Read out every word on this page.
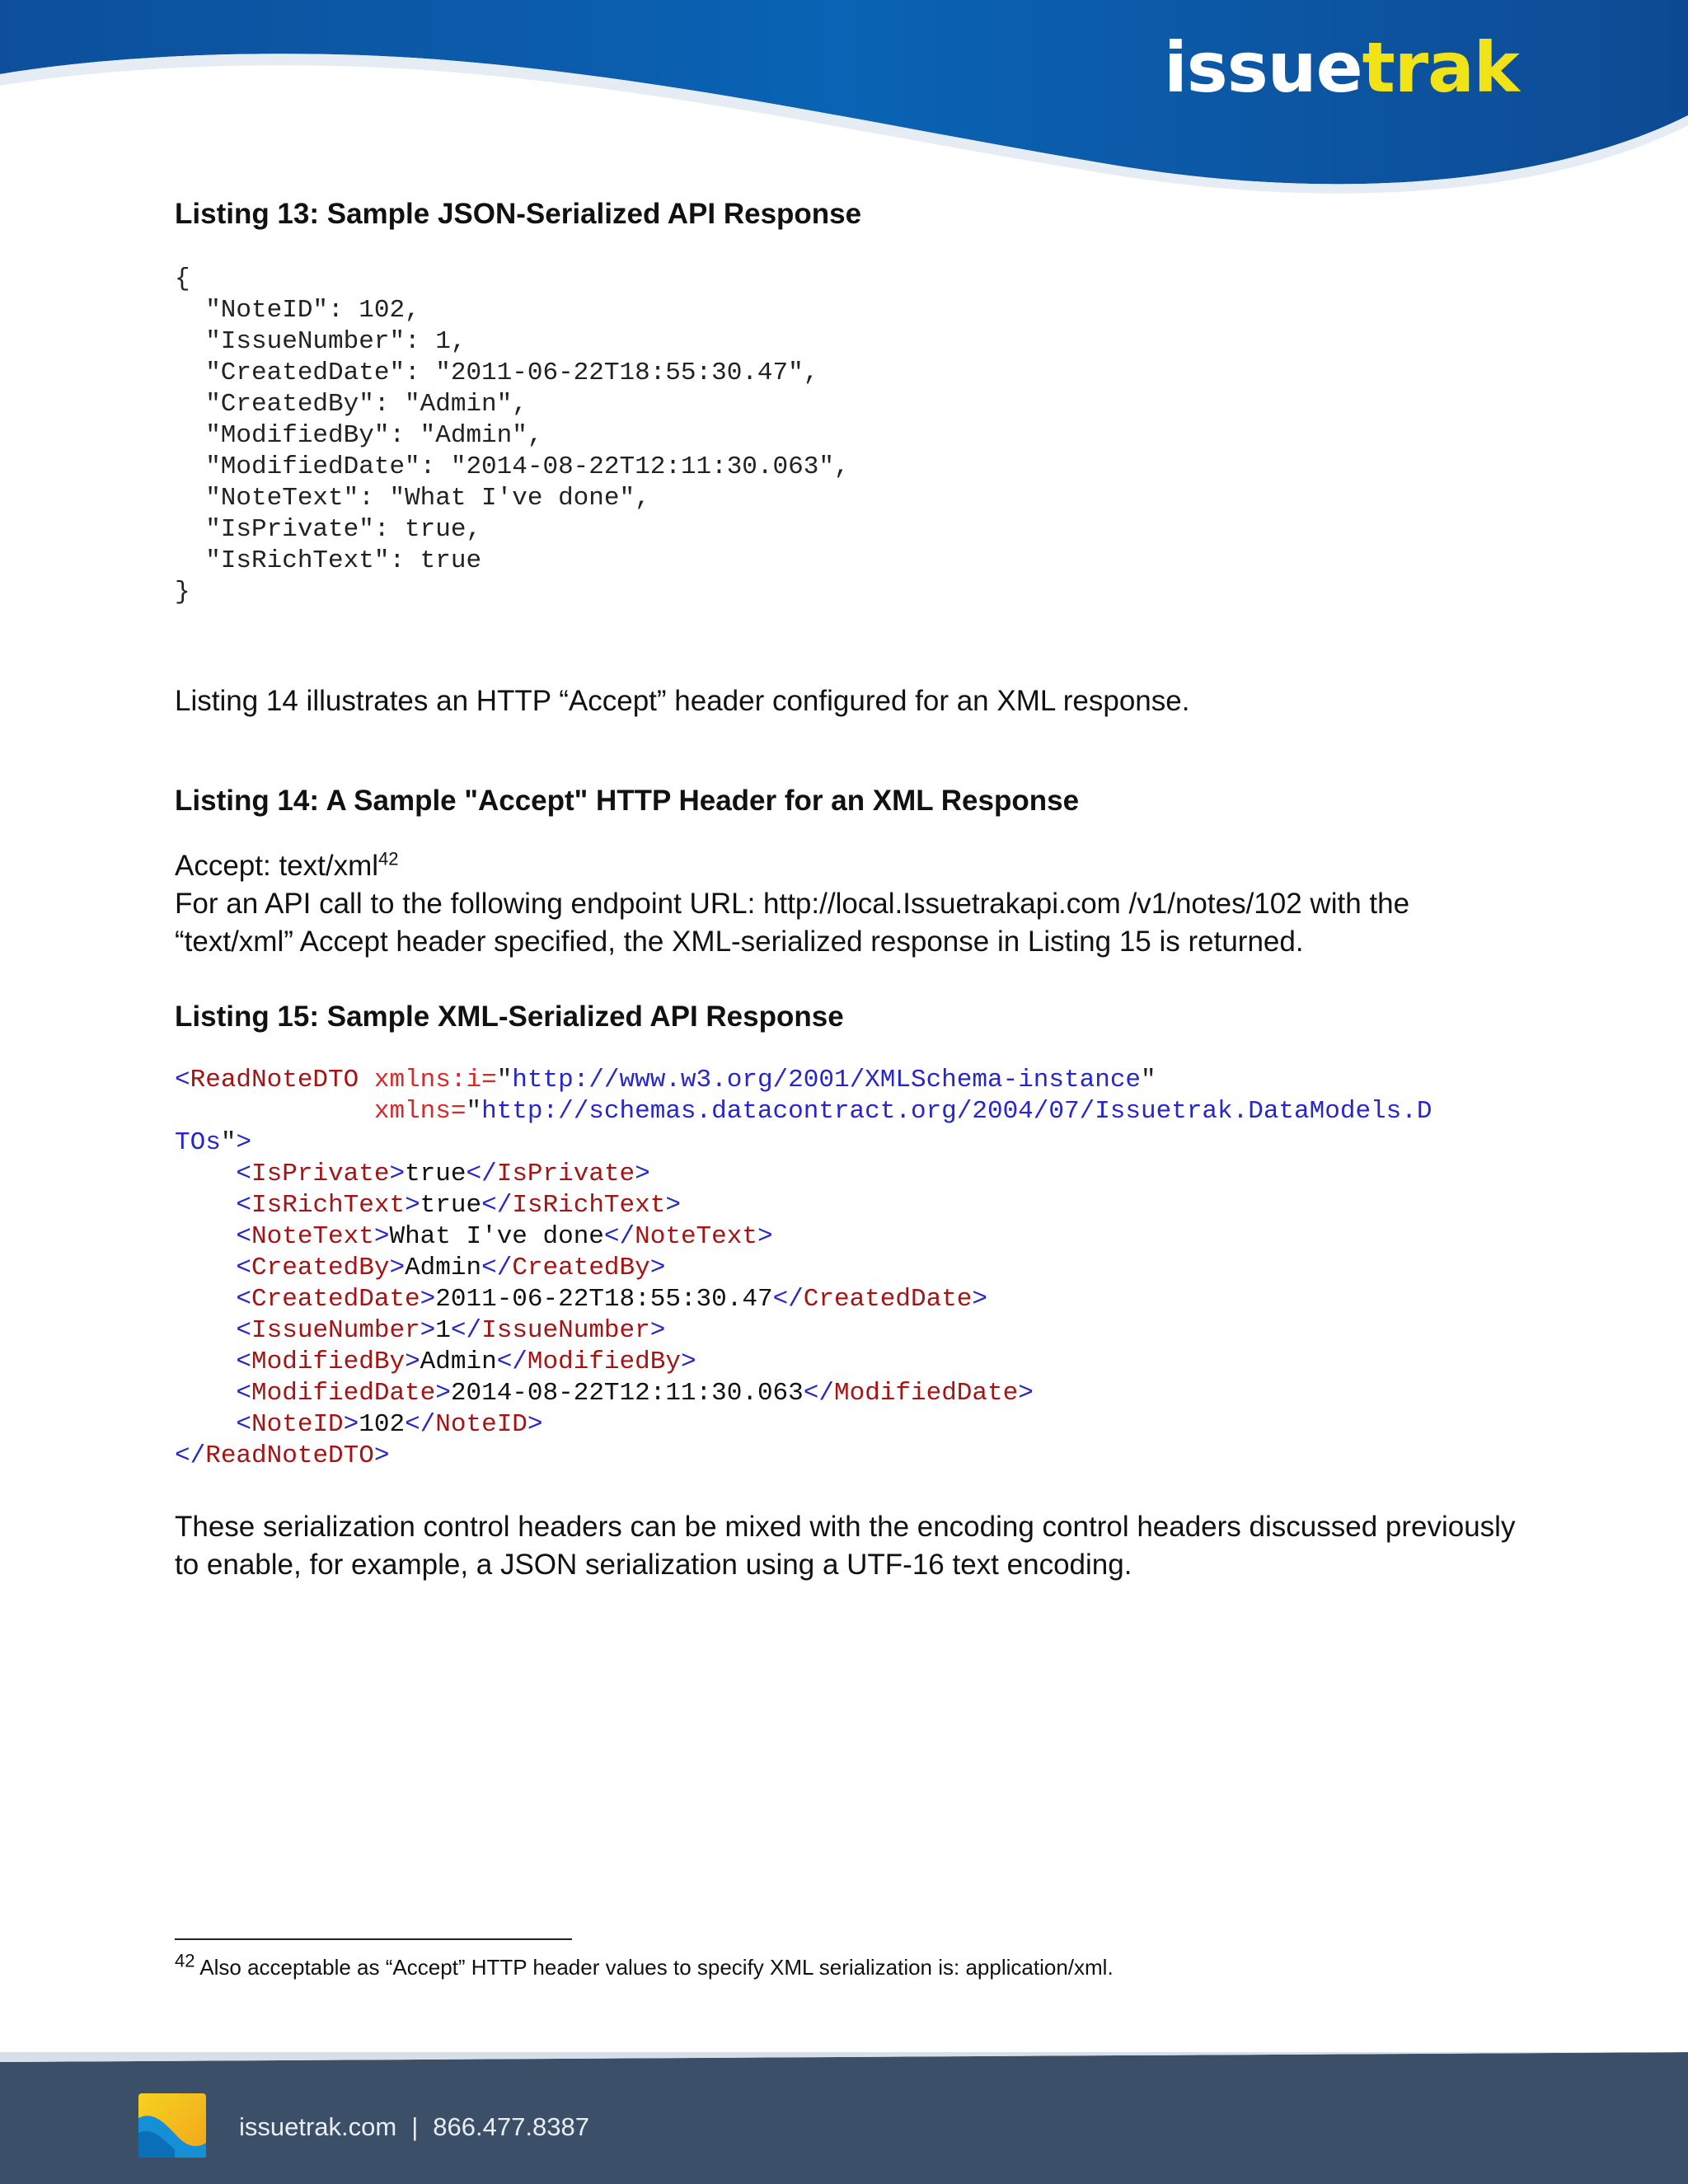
issuetrak
Listing 13: Sample JSON-Serialized API Response
{
"NoteID": 102,
"IssueNumber": 1,
"CreatedDate": "2011-06-22T18:55:30.47",
"CreatedBy": "Admin",
"ModifiedBy": "Admin",
"ModifiedDate": "2014-08-22T12:11:30.063",
"NoteText": "What I've done",
"IsPrivate": true,
"IsRichText": true
}

Listing 14 illustrates an HTTP “Accept” header configured for an XML response.

Listing 14: A Sample "Accept" HTTP Header for an XML Response

Accept: text/xml$^{42}$

For an API call to the following endpoint URL: http://local.Issuetrakapi.com /v1/notes/102 with the

“text/xml” Accept header specified, the XML-serialized response in Listing 15 is returned.

Listing 15: Sample XML-Serialized API Response
<ReadNoteDTO xmlns:i="http://www.w3.org/2001/XMLSchema-instance"
xmlns="http://schemas.datacontract.org/2004/07/Issuetrak.DataModels.D
TOs">
<IsPrivate>true</IsPrivate>
<IsRichText>true</IsRichText>
<NoteText>What I've done</NoteText>
<CreatedBy>Admin</CreatedBy>
<CreatedDate>2011-06-22T18:55:30.47</CreatedDate>
<IssueNumber>1</IssueNumber>
<ModifiedBy>Admin</ModifiedBy>
<ModifiedDate>2014-08-22T12:11:30.063</ModifiedDate>
<NoteID>102</NoteID>
</ReadNoteDTO>

These serialization control headers can be mixed with the encoding control headers discussed previously

to enable, for example, a JSON serialization using a UTF-16 text encoding.

$^{42}$ Also acceptable as “Accept” HTTP header values to specify XML serialization is: application/xml.
issuetrak.com | 866.477.8387
